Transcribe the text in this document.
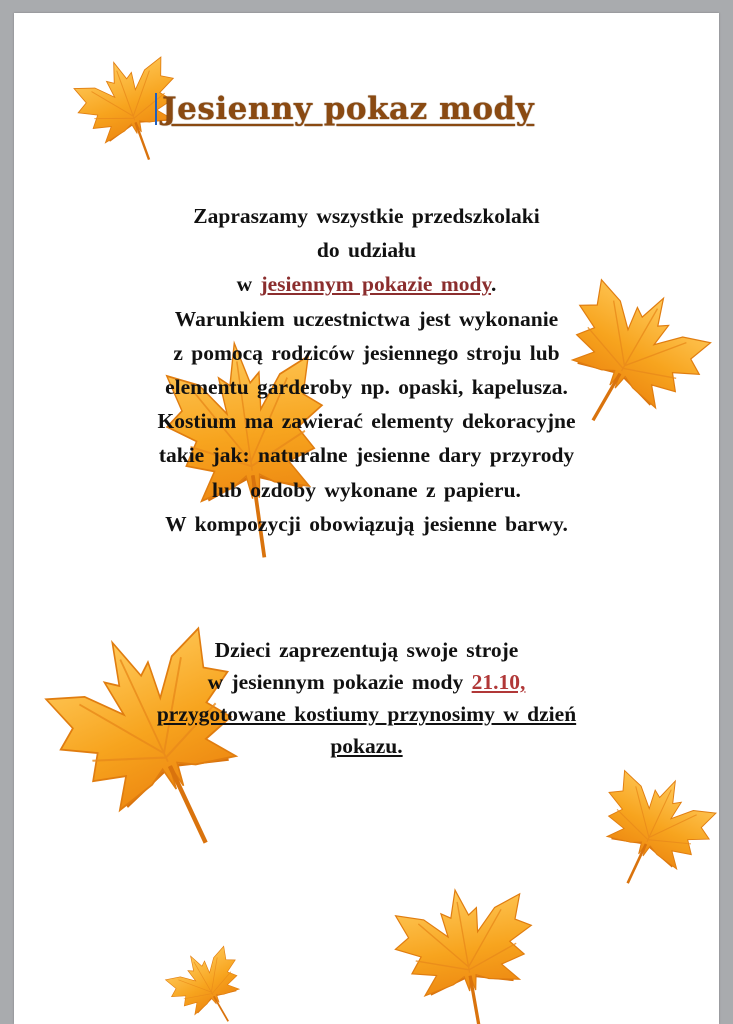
Jesienny pokaz mody
Zapraszamy wszystkie przedszkolaki
do udziału
w jesiennym pokazie mody.
Warunkiem uczestnictwa jest wykonanie
z pomocą rodziców jesiennego stroju lub
elementu garderoby np. opaski, kapelusza.
Kostium ma zawierać elementy dekoracyjne
takie jak: naturalne jesienne dary przyrody
lub ozdoby wykonane z papieru.
W kompozycji obowiązują jesienne barwy.
Dzieci zaprezentują swoje stroje
w jesiennym pokazie mody 21.10,
przygotowane kostiumy przynosimy w dzień
pokazu.
